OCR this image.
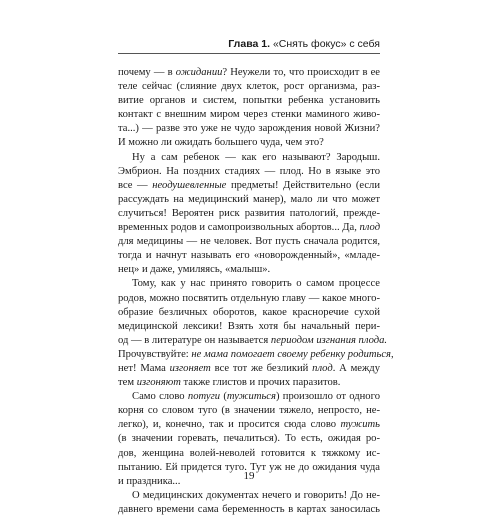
Глава 1. «Снять фокус» с себя
почему — в ожидании? Неужели то, что происходит в ее
теле сейчас (слияние двух клеток, рост организма, раз-
витие органов и систем, попытки ребенка установить
контакт с внешним миром через стенки маминого живо-
та...) — разве это уже не чудо зарождения новой Жизни?
И можно ли ожидать большего чуда, чем это?
Ну а сам ребенок — как его называют? Зародыш.
Эмбрион. На поздних стадиях — плод. Но в языке это
все — неодушевленные предметы! Действительно (если
рассуждать на медицинский манер), мало ли что может
случиться! Вероятен риск развития патологий, прежде-
временных родов и самопроизвольных абортов... Да, плод
для медицины — не человек. Вот пусть сначала родится,
тогда и начнут называть его «новорожденный», «младе-
нец» и даже, умиляясь, «малыш».
Тому, как у нас принято говорить о самом процессе
родов, можно посвятить отдельную главу — какое много-
образие безличных оборотов, какое красноречие сухой
медицинской лексики! Взять хотя бы начальный пери-
од — в литературе он называется периодом изгнания плода.
Прочувствуйте: не мама помогает своему ребенку родиться,
нет! Мама изгоняет все тот же безликий плод. А между
тем изгоняют также глистов и прочих паразитов.
Само слово потуги (тужиться) произошло от одного
корня со словом туго (в значении тяжело, непросто, не-
легко), и, конечно, так и просится сюда слово тужить
(в значении горевать, печалиться). То есть, ожидая ро-
дов, женщина волей-неволей готовится к тяжкому ис-
пытанию. Ей придется туго. Тут уж не до ожидания чуда
и праздника...
О медицинских документах нечего и говорить! До не-
давнего времени сама беременность в картах заносилась
19
